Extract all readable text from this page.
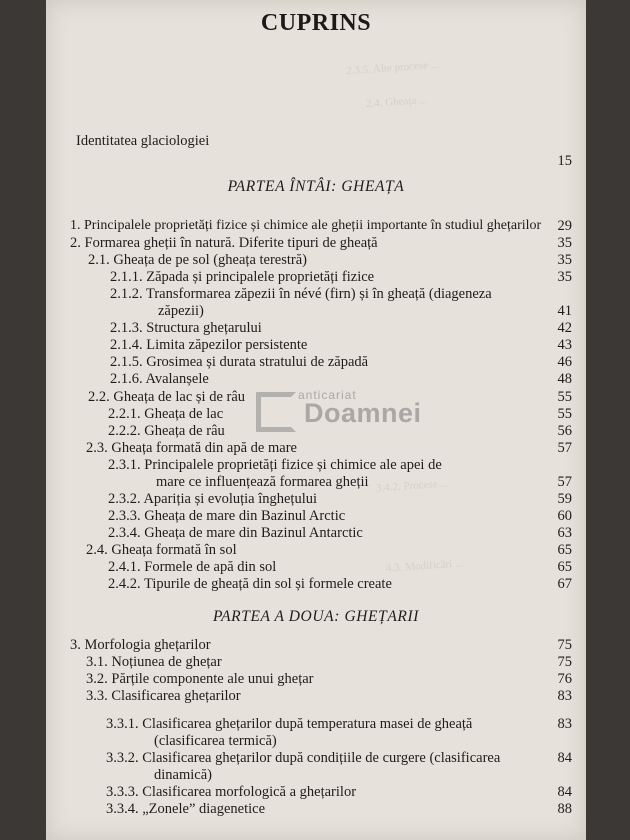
2.3.5. Alte procese ...
2.4. Gheața ...
3.4.2. Procese ...
4.3. Modificări ...
CUPRINS
Identitatea glaciologiei
15
PARTEA ÎNTÂI: GHEAȚA
1. Principalele proprietăți fizice și chimice ale gheții importante în studiul ghețarilor 29
2. Formarea gheții în natură. Diferite tipuri de gheață	35
2.1. Gheața de pe sol (gheața terestră)	35
2.1.1. Zăpada și principalele proprietăți fizice	35
2.1.2. Transformarea zăpezii în névé (firn) și în gheață (diageneza
zăpezii)	41
2.1.3. Structura ghețarului	42
2.1.4. Limita zăpezilor persistente	43
2.1.5. Grosimea și durata stratului de zăpadă	46
2.1.6. Avalanșele	48
2.2. Gheața de lac și de râu	55
2.2.1. Gheața de lac	55
2.2.2. Gheața de râu	56
2.3. Gheața formată din apă de mare	57
2.3.1. Principalele proprietăți fizice și chimice ale apei de
mare ce influențează formarea gheții	57
2.3.2. Apariția și evoluția înghețului	59
2.3.3. Gheața de mare din Bazinul Arctic	60
2.3.4. Gheața de mare din Bazinul Antarctic	63
2.4. Gheața formată în sol	65
2.4.1. Formele de apă din sol	65
2.4.2. Tipurile de gheață din sol și formele create	67
PARTEA A DOUA: GHEȚARII
3. Morfologia ghețarilor	75
3.1. Noțiunea de ghețar	75
3.2. Părțile componente ale unui ghețar	76
3.3. Clasificarea ghețarilor	83
3.3.1. Clasificarea ghețarilor după temperatura masei de gheață	83
(clasificarea termică)
3.3.2. Clasificarea ghețarilor după condițiile de curgere (clasificarea	84
dinamică)
3.3.3. Clasificarea morfologică a ghețarilor	84
3.3.4. „Zonele” diagenetice	88
anticariat
Doamnei
